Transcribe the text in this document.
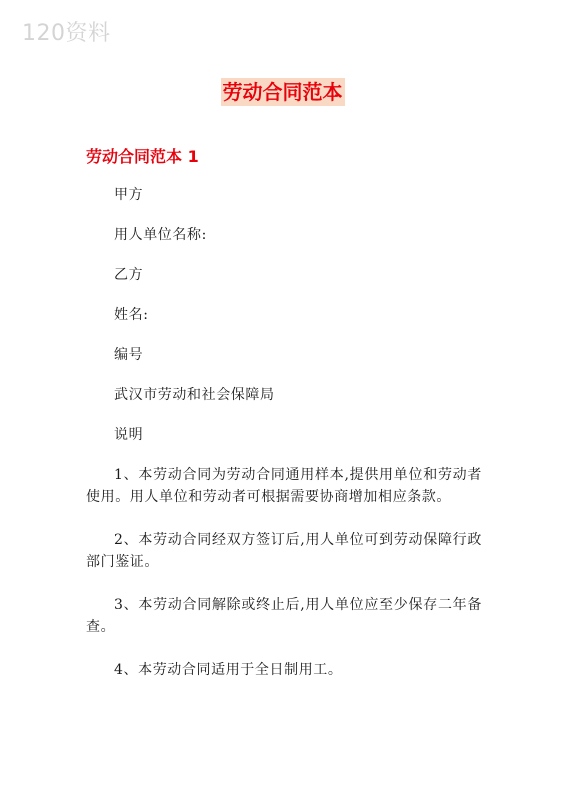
120资料
劳动合同范本
劳动合同范本 1

甲方

用人单位名称:

乙方

姓名:

编号

武汉市劳动和社会保障局

说明

1、本劳动合同为劳动合同通用样本,提供用单位和劳动者使用。用人单位和劳动者可根据需要协商增加相应条款。

2、本劳动合同经双方签订后,用人单位可到劳动保障行政部门鉴证。

3、本劳动合同解除或终止后,用人单位应至少保存二年备查。

4、本劳动合同适用于全日制用工。
